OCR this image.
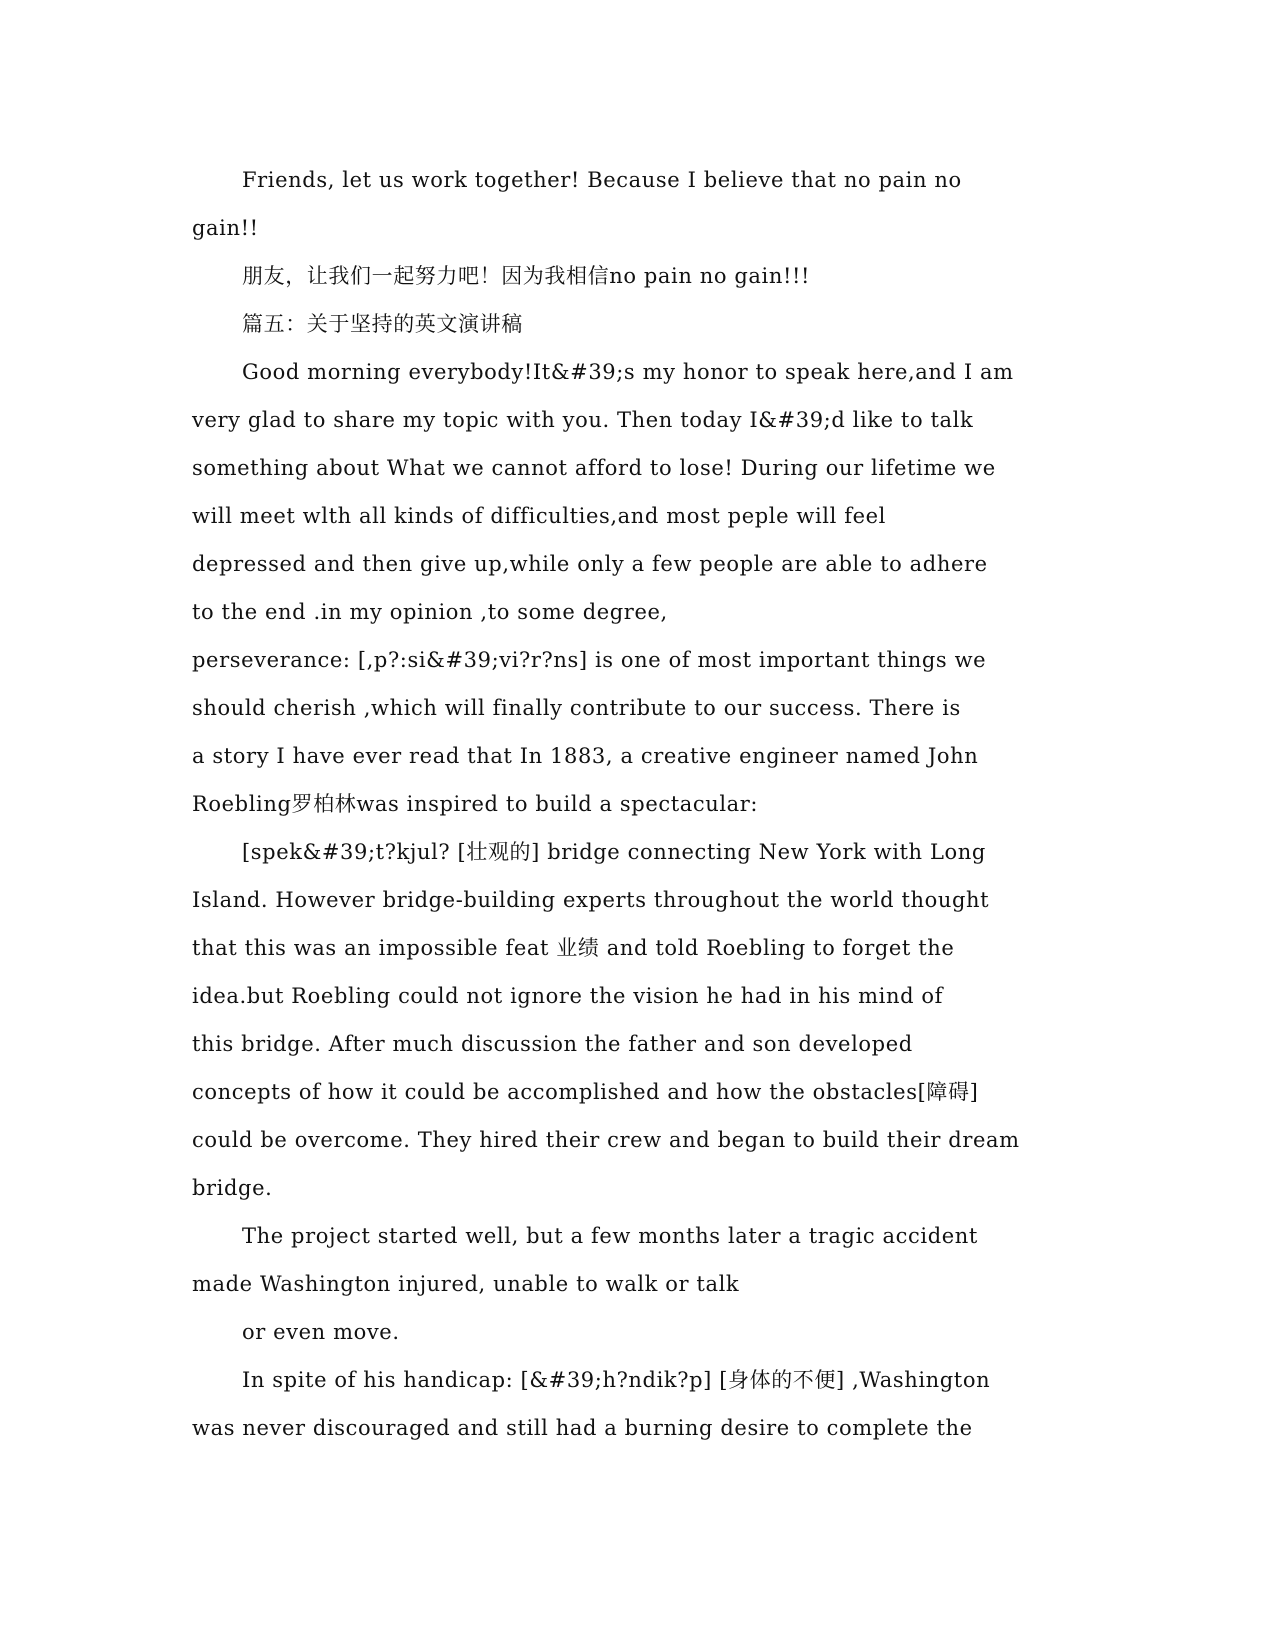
Friends, let us work together! Because I believe that no pain no
gain!!
朋友，让我们一起努力吧！因为我相信no pain no gain!!!
篇五：关于坚持的英文演讲稿
Good morning everybody!It&#39;s my honor to speak here,and I am
very glad to share my topic with you. Then today I&#39;d like to talk
something about What we cannot afford to lose! During our lifetime we
will meet wlth all kinds of difficulties,and most peple will feel
depressed and then give up,while only a few people are able to adhere
to the end .in my opinion ,to some degree,
perseverance: [,p?:si&#39;vi?r?ns] is one of most important things we
should cherish ,which will finally contribute to our success. There is
a story I have ever read that In 1883, a creative engineer named John
Roebling罗柏林was inspired to build a spectacular:
[spek&#39;t?kjul? [壮观的] bridge connecting New York with Long
Island. However bridge-building experts throughout the world thought
that this was an impossible feat 业绩 and told Roebling to forget the
idea.but Roebling could not ignore the vision he had in his mind of
this bridge. After much discussion the father and son developed
concepts of how it could be accomplished and how the obstacles[障碍]
could be overcome. They hired their crew and began to build their dream
bridge.
The project started well, but a few months later a tragic accident
made Washington injured, unable to walk or talk
or even move.
In spite of his handicap: [&#39;h?ndik?p] [身体的不便] ,Washington
was never discouraged and still had a burning desire to complete the
